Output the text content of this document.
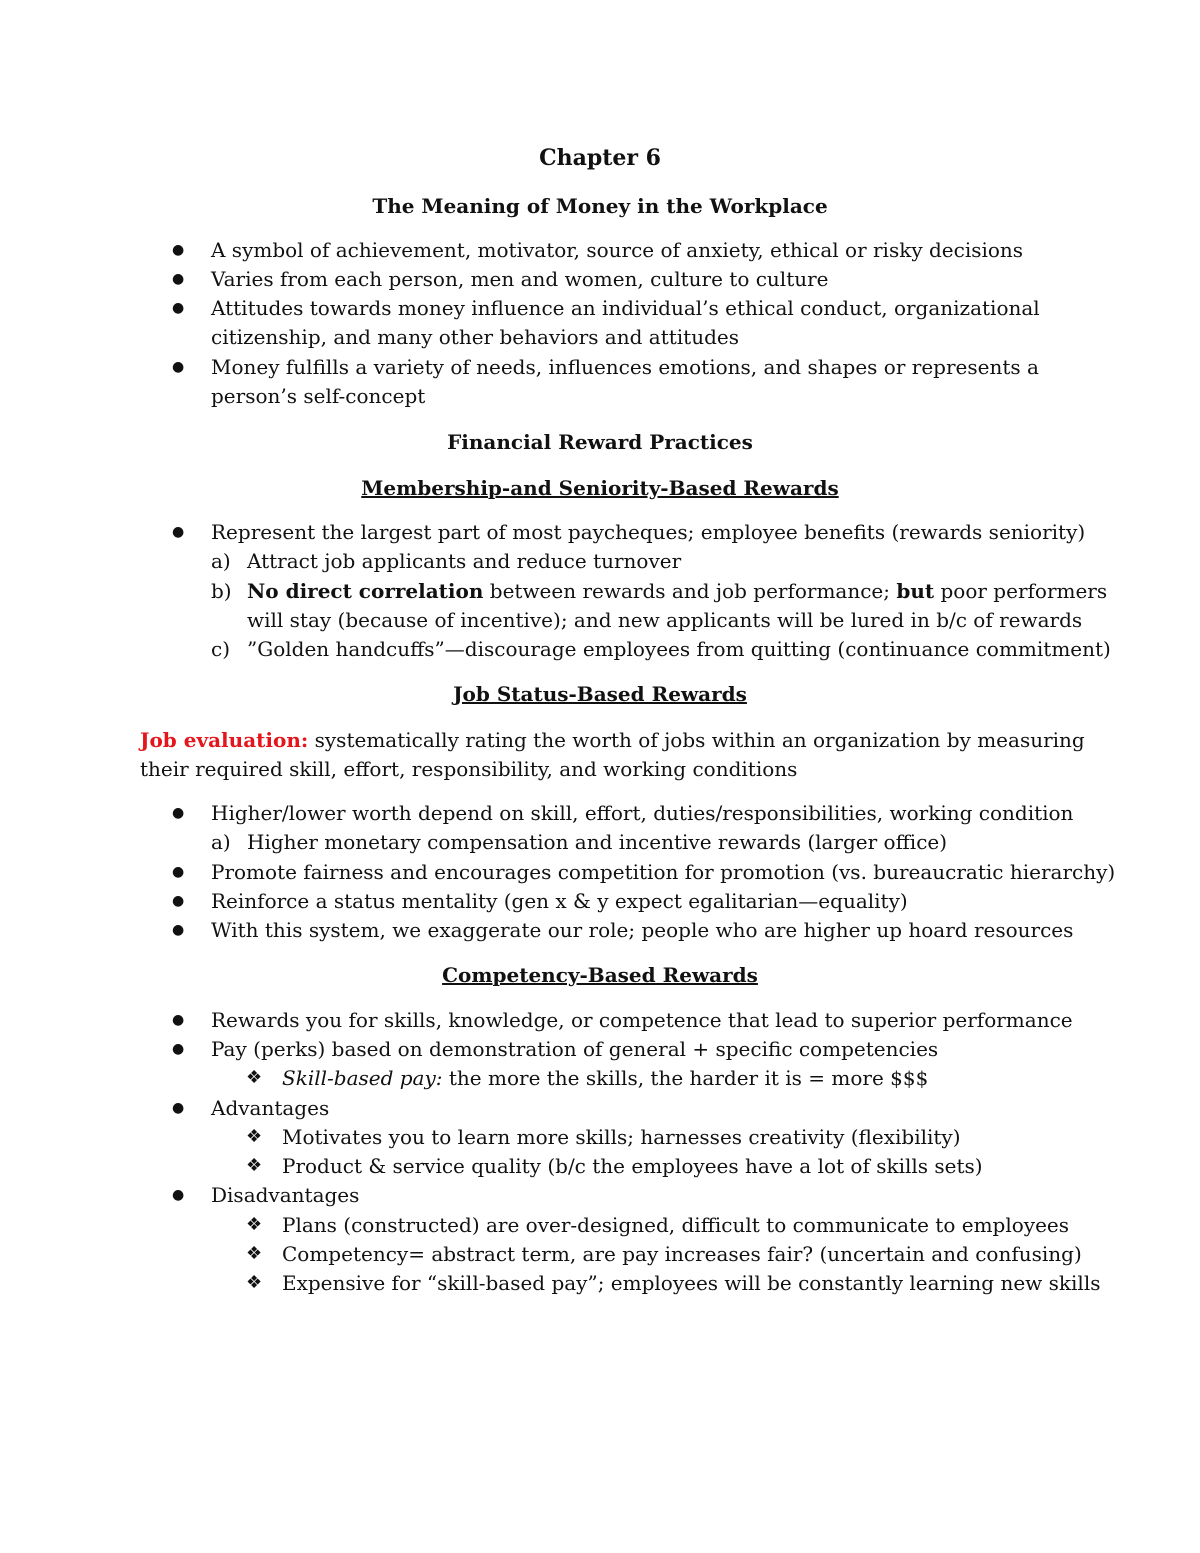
Chapter 6
The Meaning of Money in the Workplace
● A symbol of achievement, motivator, source of anxiety, ethical or risky decisions
● Varies from each person, men and women, culture to culture
● Attitudes towards money influence an individual’s ethical conduct, organizational
citizenship, and many other behaviors and attitudes
● Money fulfills a variety of needs, influences emotions, and shapes or represents a
person’s self-concept
Financial Reward Practices
Membership-and Seniority-Based Rewards
● Represent the largest part of most paycheques; employee benefits (rewards seniority)
a) Attract job applicants and reduce turnover
b) No direct correlation between rewards and job performance; but poor performers
will stay (because of incentive); and new applicants will be lured in b/c of rewards
c) ”Golden handcuffs”—discourage employees from quitting (continuance commitment)
Job Status-Based Rewards
Job evaluation: systematically rating the worth of jobs within an organization by measuring
their required skill, effort, responsibility, and working conditions
● Higher/lower worth depend on skill, effort, duties/responsibilities, working condition
a) Higher monetary compensation and incentive rewards (larger office)
● Promote fairness and encourages competition for promotion (vs. bureaucratic hierarchy)
● Reinforce a status mentality (gen x & y expect egalitarian—equality)
● With this system, we exaggerate our role; people who are higher up hoard resources
Competency-Based Rewards
● Rewards you for skills, knowledge, or competence that lead to superior performance
● Pay (perks) based on demonstration of general + specific competencies
❖ Skill-based pay: the more the skills, the harder it is = more $$$
● Advantages
❖ Motivates you to learn more skills; harnesses creativity (flexibility)
❖ Product & service quality (b/c the employees have a lot of skills sets)
● Disadvantages
❖ Plans (constructed) are over-designed, difficult to communicate to employees
❖ Competency= abstract term, are pay increases fair? (uncertain and confusing)
❖ Expensive for “skill-based pay”; employees will be constantly learning new skills
